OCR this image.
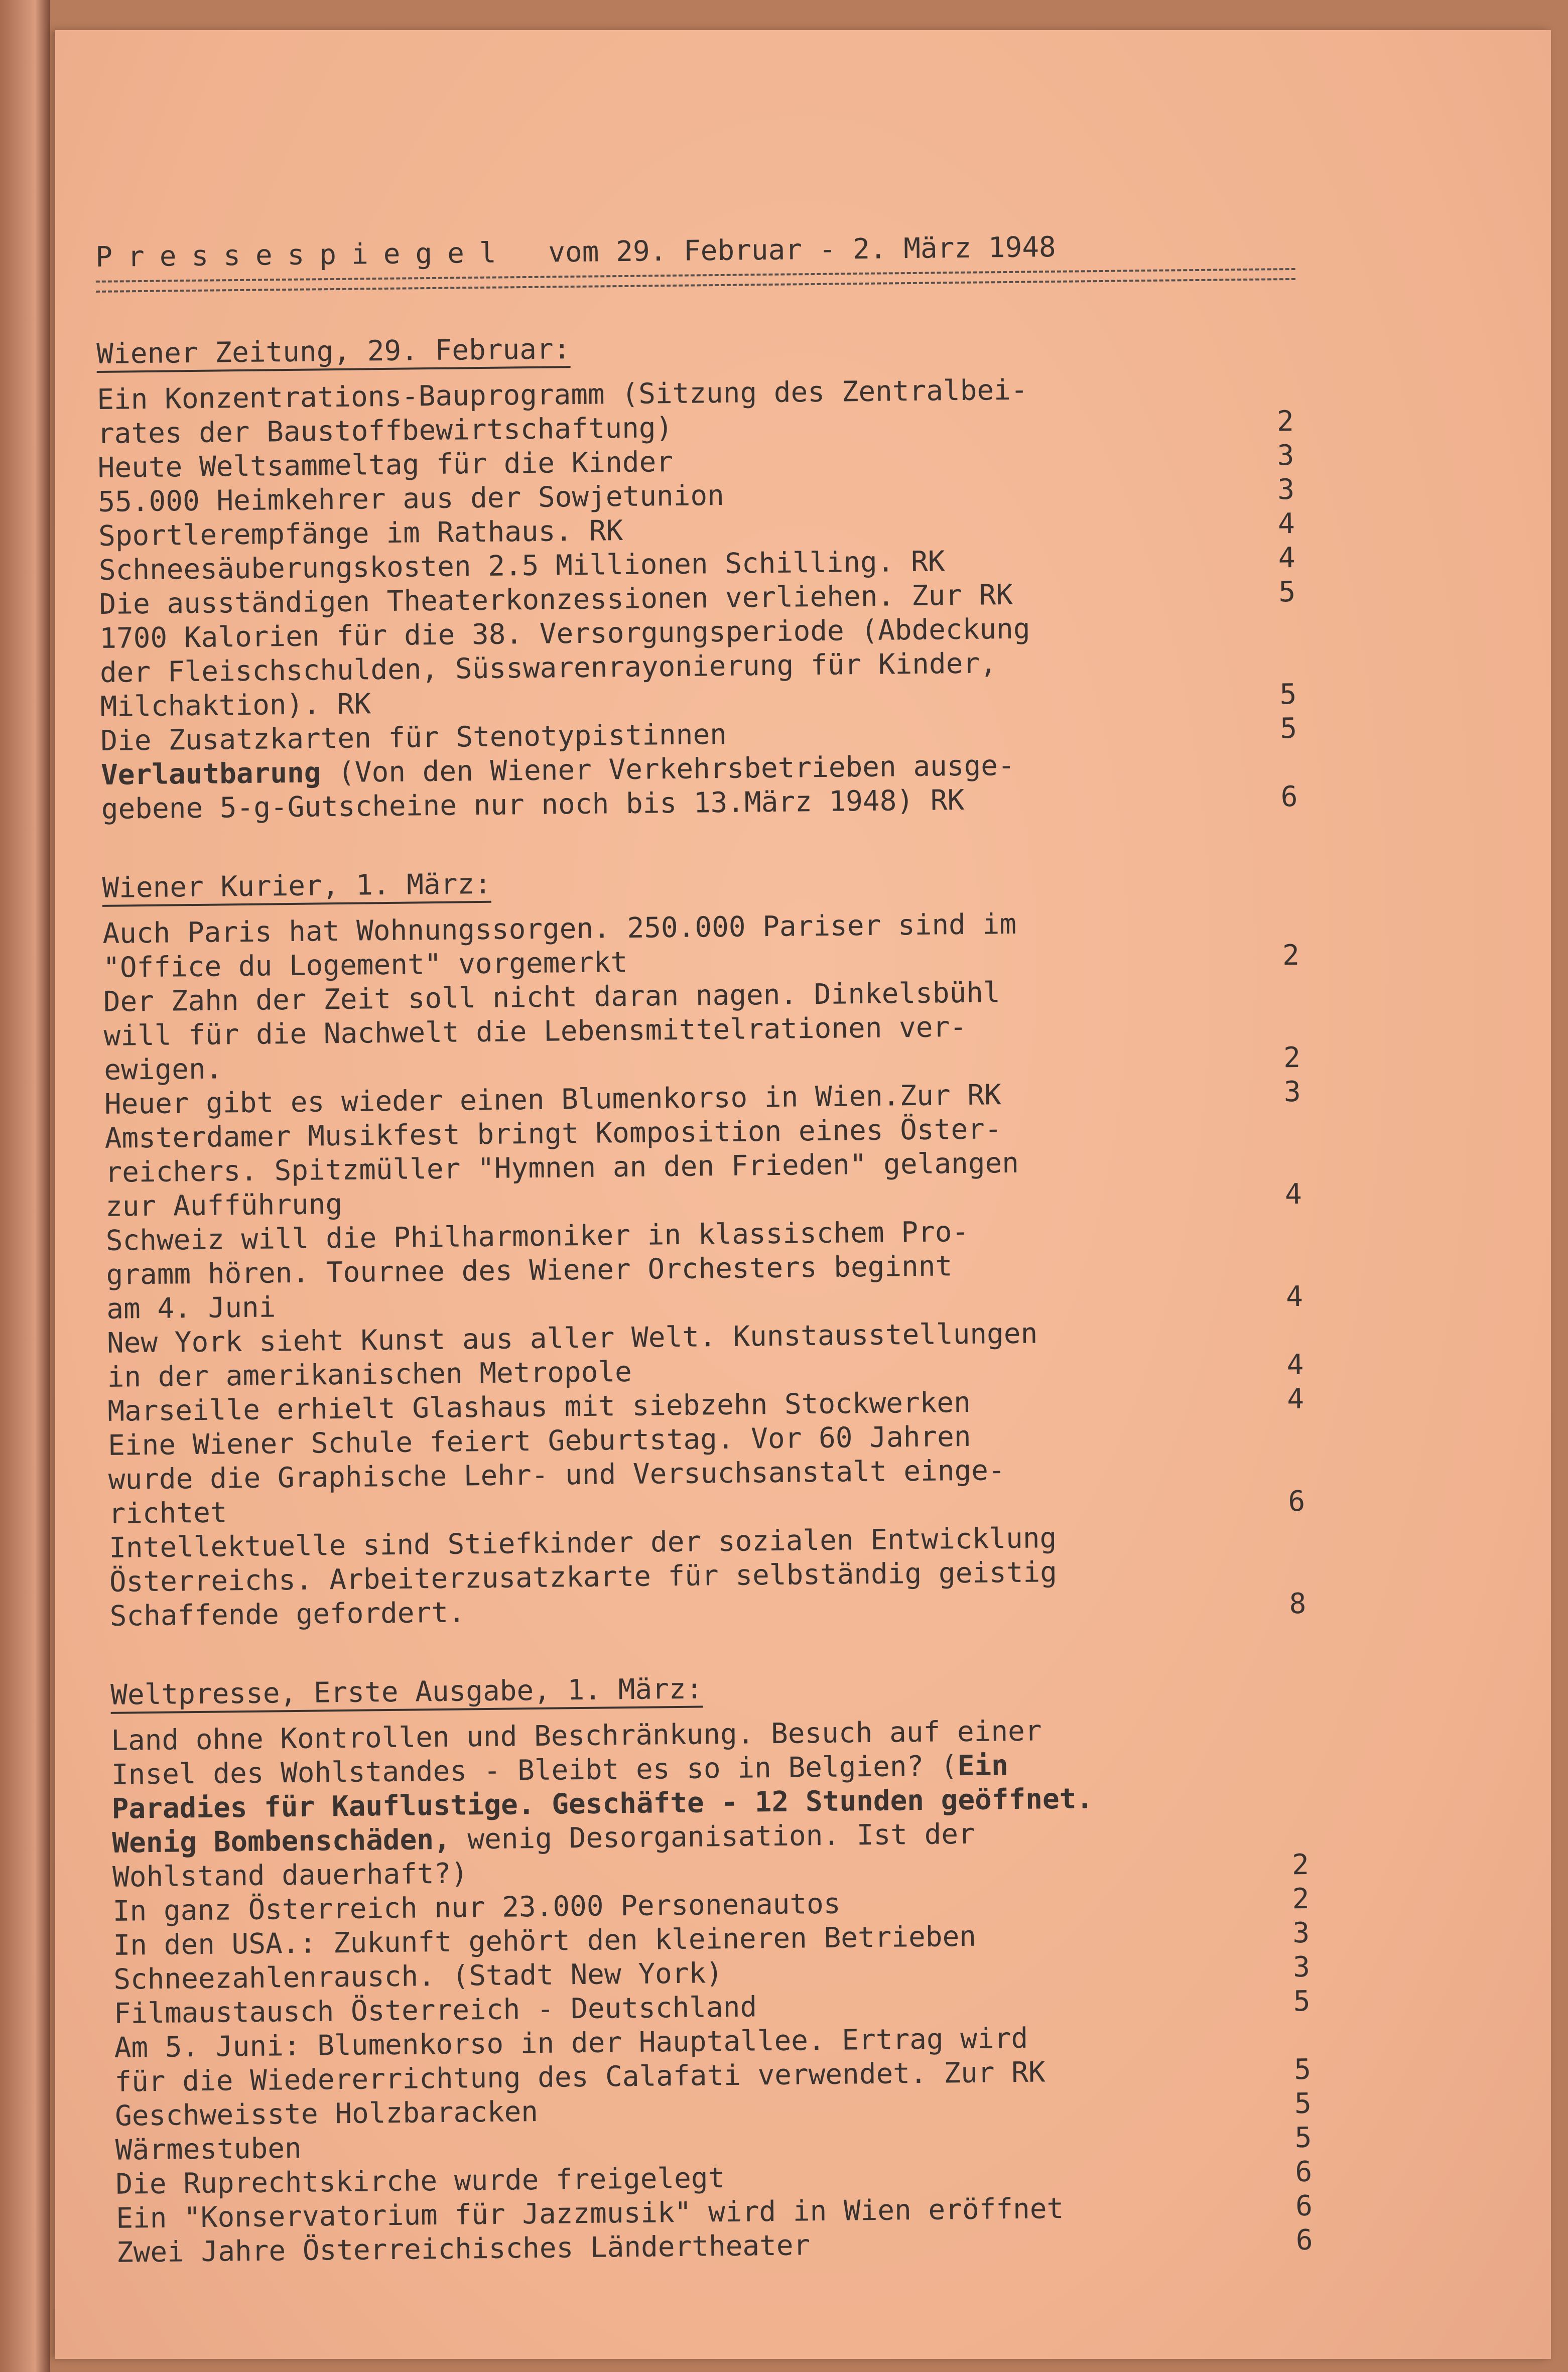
Pressespiegel vom 29. Februar - 2. März 1948
Wiener Zeitung, 29. Februar:
Ein Konzentrations-Bauprogramm (Sitzung des Zentralbei-
rates der Baustoffbewirtschaftung)	2
Heute Weltsammeltag für die Kinder	3
55.000 Heimkehrer aus der Sowjetunion	3
Sportlerempfänge im Rathaus. RK	4
Schneesäuberungskosten 2.5 Millionen Schilling. RK	4
Die ausständigen Theaterkonzessionen verliehen. Zur RK	5
1700 Kalorien für die 38. Versorgungsperiode (Abdeckung
der Fleischschulden, Süsswarenrayonierung für Kinder,
Milchaktion). RK	5
Die Zusatzkarten für Stenotypistinnen	5
Verlautbarung (Von den Wiener Verkehrsbetrieben ausge-
gebene 5-g-Gutscheine nur noch bis 13.März 1948) RK	6
Wiener Kurier, 1. März:
Auch Paris hat Wohnungssorgen. 250.000 Pariser sind im
"Office du Logement" vorgemerkt	2
Der Zahn der Zeit soll nicht daran nagen. Dinkelsbühl
will für die Nachwelt die Lebensmittelrationen ver-
ewigen.	2
Heuer gibt es wieder einen Blumenkorso in Wien.Zur RK	3
Amsterdamer Musikfest bringt Komposition eines Öster-
reichers. Spitzmüller "Hymnen an den Frieden" gelangen
zur Aufführung	4
Schweiz will die Philharmoniker in klassischem Pro-
gramm hören. Tournee des Wiener Orchesters beginnt
am 4. Juni	4
New York sieht Kunst aus aller Welt. Kunstausstellungen
in der amerikanischen Metropole	4
Marseille erhielt Glashaus mit siebzehn Stockwerken	4
Eine Wiener Schule feiert Geburtstag. Vor 60 Jahren
wurde die Graphische Lehr- und Versuchsanstalt einge-
richtet	6
Intellektuelle sind Stiefkinder der sozialen Entwicklung
Österreichs. Arbeiterzusatzkarte für selbständig geistig
Schaffende gefordert.	8
Weltpresse, Erste Ausgabe, 1. März:
Land ohne Kontrollen und Beschränkung. Besuch auf einer
Insel des Wohlstandes - Bleibt es so in Belgien? (Ein
Paradies für Kauflustige. Geschäfte - 12 Stunden geöffnet.
Wenig Bombenschäden, wenig Desorganisation. Ist der
Wohlstand dauerhaft?)	2
In ganz Österreich nur 23.000 Personenautos	2
In den USA.: Zukunft gehört den kleineren Betrieben	3
Schneezahlenrausch. (Stadt New York)	3
Filmaustausch Österreich - Deutschland	5
Am 5. Juni: Blumenkorso in der Hauptallee. Ertrag wird
für die Wiedererrichtung des Calafati verwendet. Zur RK	5
Geschweisste Holzbaracken	5
Wärmestuben	5
Die Ruprechtskirche wurde freigelegt	6
Ein "Konservatorium für Jazzmusik" wird in Wien eröffnet	6
Zwei Jahre Österreichisches Ländertheater	6
